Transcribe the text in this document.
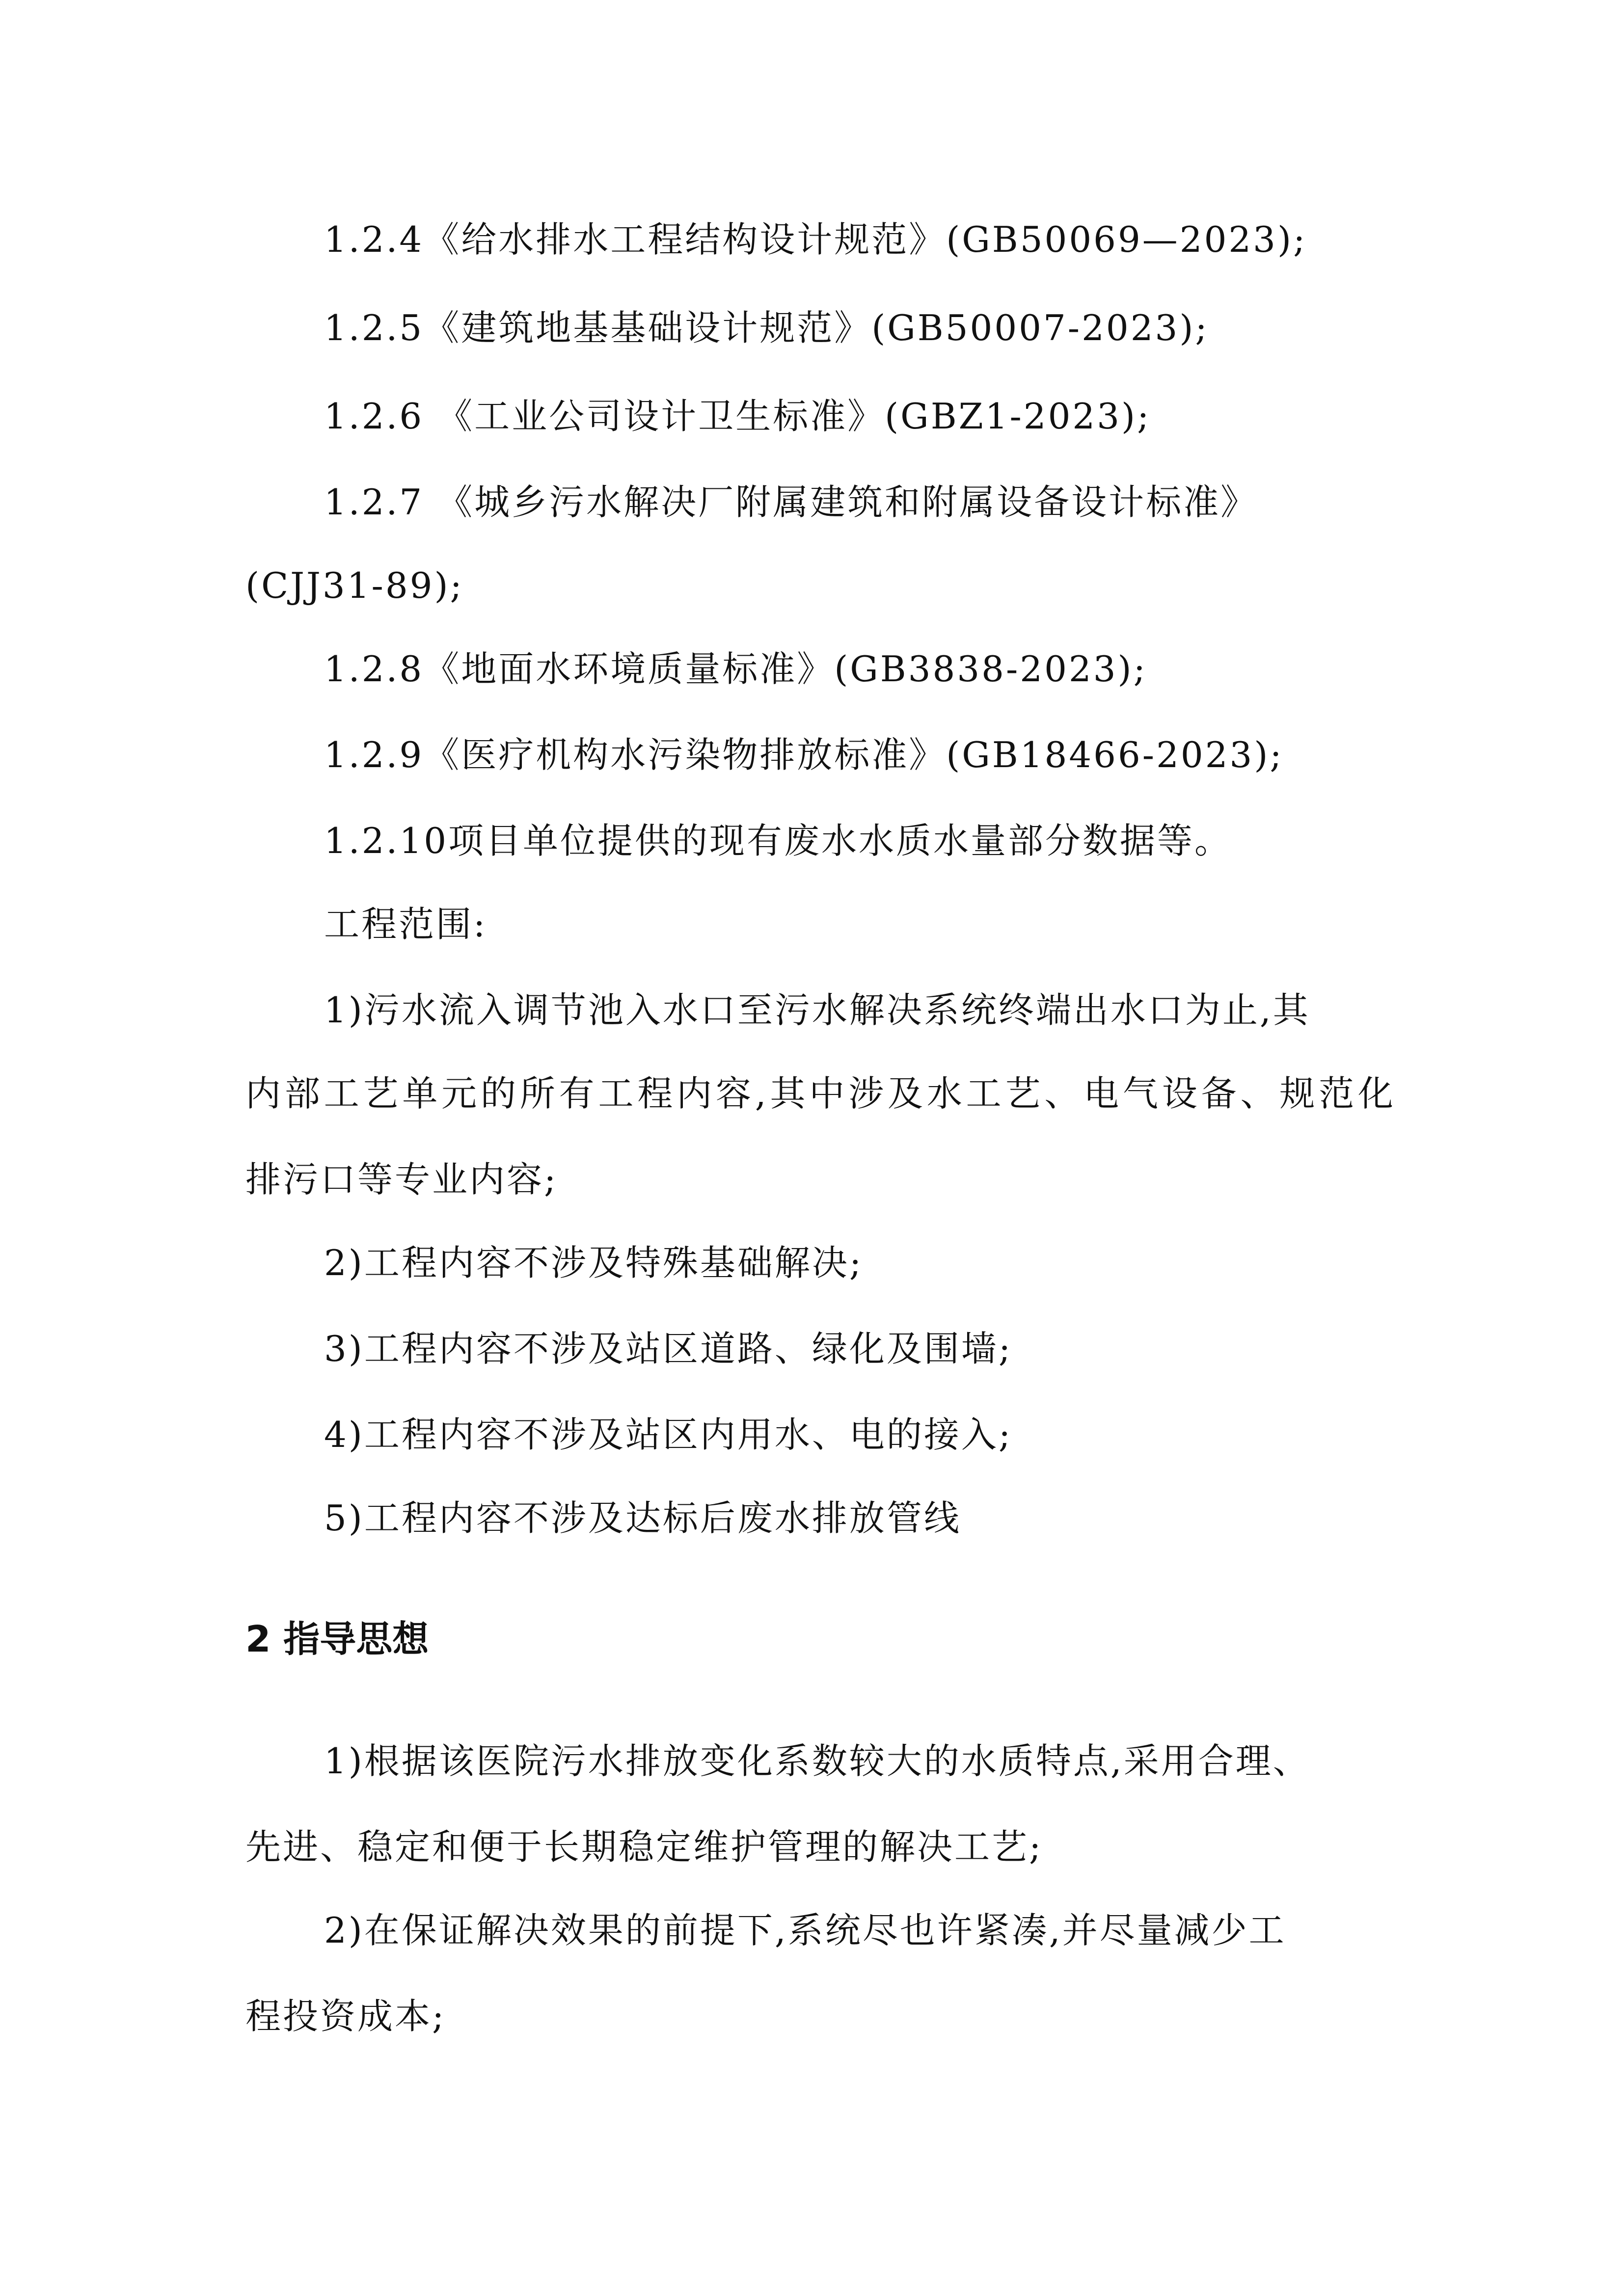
1.2.4《给水排水工程结构设计规范》(GB50069—2023);
1.2.5《建筑地基基础设计规范》(GB50007-2023);
1.2.6 《工业公司设计卫生标准》(GBZ1-2023);
1.2.7 《城乡污水解决厂附属建筑和附属设备设计标准》
(CJJ31-89);
1.2.8《地面水环境质量标准》(GB3838-2023);
1.2.9《医疗机构水污染物排放标准》(GB18466-2023);
1.2.10项目单位提供的现有废水水质水量部分数据等。
工程范围:
1)污水流入调节池入水口至污水解决系统终端出水口为止,其
内部工艺单元的所有工程内容,其中涉及水工艺、电气设备、规范化
排污口等专业内容;
2)工程内容不涉及特殊基础解决;
3)工程内容不涉及站区道路、绿化及围墙;
4)工程内容不涉及站区内用水、电的接入;
5)工程内容不涉及达标后废水排放管线
2 指导思想
1)根据该医院污水排放变化系数较大的水质特点,采用合理、
先进、稳定和便于长期稳定维护管理的解决工艺;
2)在保证解决效果的前提下,系统尽也许紧凑,并尽量减少工
程投资成本;
